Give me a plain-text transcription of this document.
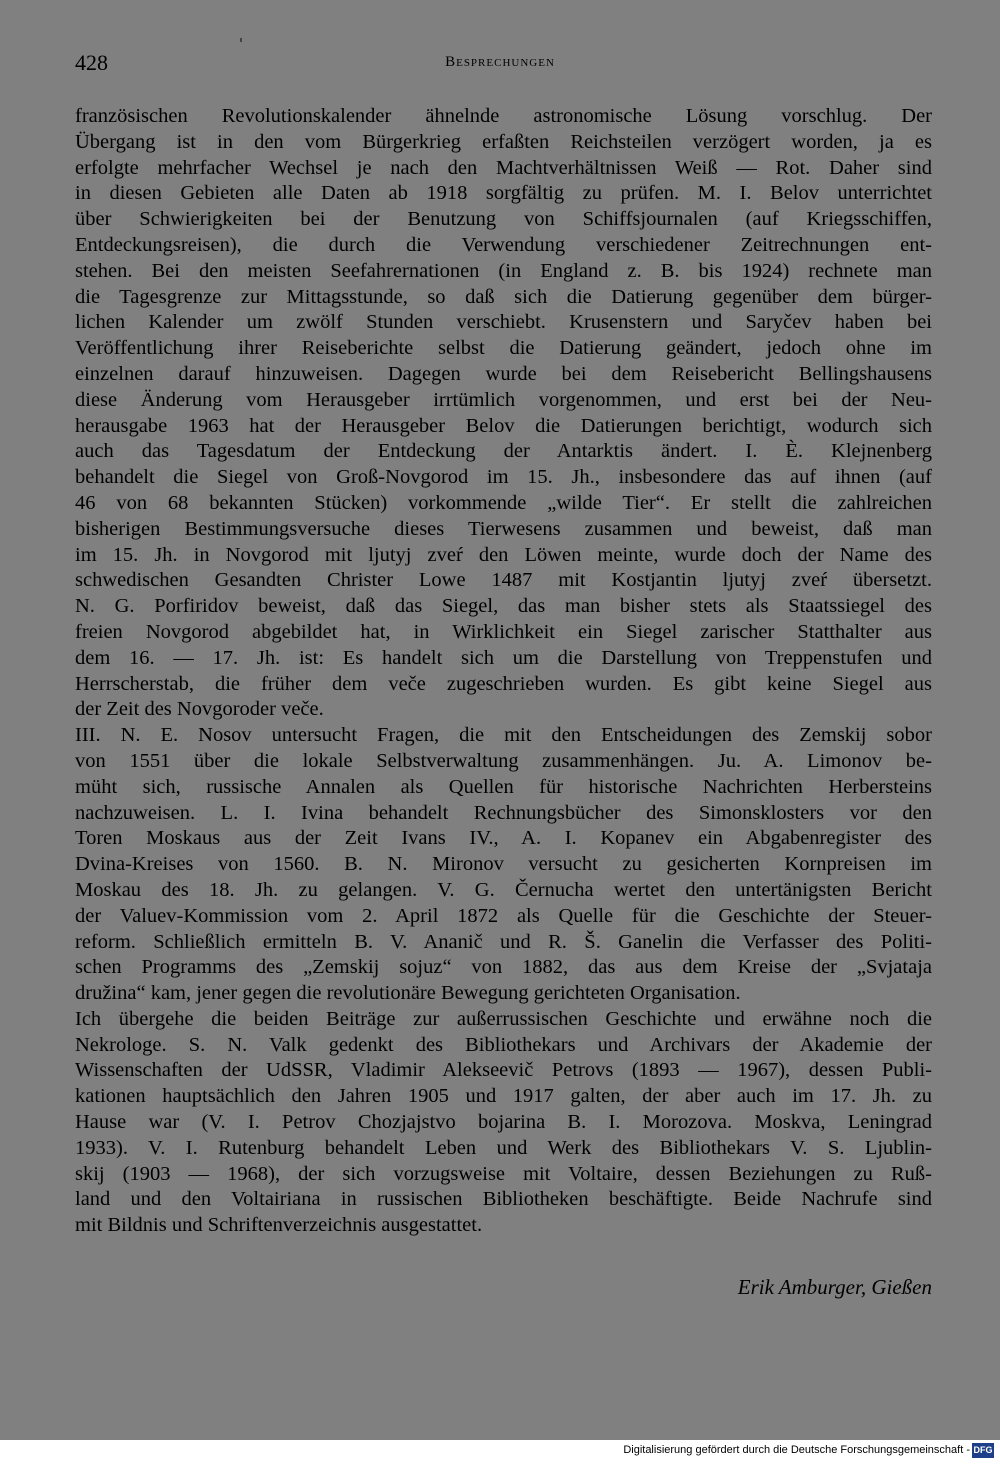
428	Besprechungen
französischen Revolutionskalender ähnelnde astronomische Lösung vorschlug. Der
Übergang ist in den vom Bürgerkrieg erfaßten Reichsteilen verzögert worden, ja es
erfolgte mehrfacher Wechsel je nach den Machtverhältnissen Weiß — Rot. Daher sind
in diesen Gebieten alle Daten ab 1918 sorgfältig zu prüfen. M. I. Belov unterrichtet
über Schwierigkeiten bei der Benutzung von Schiffsjournalen (auf Kriegsschiffen,
Entdeckungsreisen), die durch die Verwendung verschiedener Zeitrechnungen ent-
stehen. Bei den meisten Seefahrernationen (in England z. B. bis 1924) rechnete man
die Tagesgrenze zur Mittagsstunde, so daß sich die Datierung gegenüber dem bürger-
lichen Kalender um zwölf Stunden verschiebt. Krusenstern und Saryčev haben bei
Veröffentlichung ihrer Reiseberichte selbst die Datierung geändert, jedoch ohne im
einzelnen darauf hinzuweisen. Dagegen wurde bei dem Reisebericht Bellingshausens
diese Änderung vom Herausgeber irrtümlich vorgenommen, und erst bei der Neu-
herausgabe 1963 hat der Herausgeber Belov die Datierungen berichtigt, wodurch sich
auch das Tagesdatum der Entdeckung der Antarktis ändert. I. È. Klejnenberg
behandelt die Siegel von Groß-Novgorod im 15. Jh., insbesondere das auf ihnen (auf
46 von 68 bekannten Stücken) vorkommende „wilde Tier“. Er stellt die zahlreichen
bisherigen Bestimmungsversuche dieses Tierwesens zusammen und beweist, daß man
im 15. Jh. in Novgorod mit ljutyj zveŕ den Löwen meinte, wurde doch der Name des
schwedischen Gesandten Christer Lowe 1487 mit Kostjantin ljutyj zveŕ übersetzt.
N. G. Porfiridov beweist, daß das Siegel, das man bisher stets als Staatssiegel des
freien Novgorod abgebildet hat, in Wirklichkeit ein Siegel zarischer Statthalter aus
dem 16. — 17. Jh. ist: Es handelt sich um die Darstellung von Treppenstufen und
Herrscherstab, die früher dem veče zugeschrieben wurden. Es gibt keine Siegel aus
der Zeit des Novgoroder veče.
III. N. E. Nosov untersucht Fragen, die mit den Entscheidungen des Zemskij sobor
von 1551 über die lokale Selbstverwaltung zusammenhängen. Ju. A. Limonov be-
müht sich, russische Annalen als Quellen für historische Nachrichten Herbersteins
nachzuweisen. L. I. Ivina behandelt Rechnungsbücher des Simonsklosters vor den
Toren Moskaus aus der Zeit Ivans IV., A. I. Kopanev ein Abgabenregister des
Dvina-Kreises von 1560. B. N. Mironov versucht zu gesicherten Kornpreisen im
Moskau des 18. Jh. zu gelangen. V. G. Černucha wertet den untertänigsten Bericht
der Valuev-Kommission vom 2. April 1872 als Quelle für die Geschichte der Steuer-
reform. Schließlich ermitteln B. V. Ananič und R. Š. Ganelin die Verfasser des Politi-
schen Programms des „Zemskij sojuz“ von 1882, das aus dem Kreise der „Svjataja
družina“ kam, jener gegen die revolutionäre Bewegung gerichteten Organisation.
Ich übergehe die beiden Beiträge zur außerrussischen Geschichte und erwähne noch die
Nekrologe. S. N. Valk gedenkt des Bibliothekars und Archivars der Akademie der
Wissenschaften der UdSSR, Vladimir Alekseevič Petrovs (1893 — 1967), dessen Publi-
kationen hauptsächlich den Jahren 1905 und 1917 galten, der aber auch im 17. Jh. zu
Hause war (V. I. Petrov Chozjajstvo bojarina B. I. Morozova. Moskva, Leningrad
1933). V. I. Rutenburg behandelt Leben und Werk des Bibliothekars V. S. Ljublin-
skij (1903 — 1968), der sich vorzugsweise mit Voltaire, dessen Beziehungen zu Ruß-
land und den Voltairiana in russischen Bibliotheken beschäftigte. Beide Nachrufe sind
mit Bildnis und Schriftenverzeichnis ausgestattet.
Erik Amburger, Gießen
Digitalisierung gefördert durch die Deutsche Forschungsgemeinschaft - DFG
